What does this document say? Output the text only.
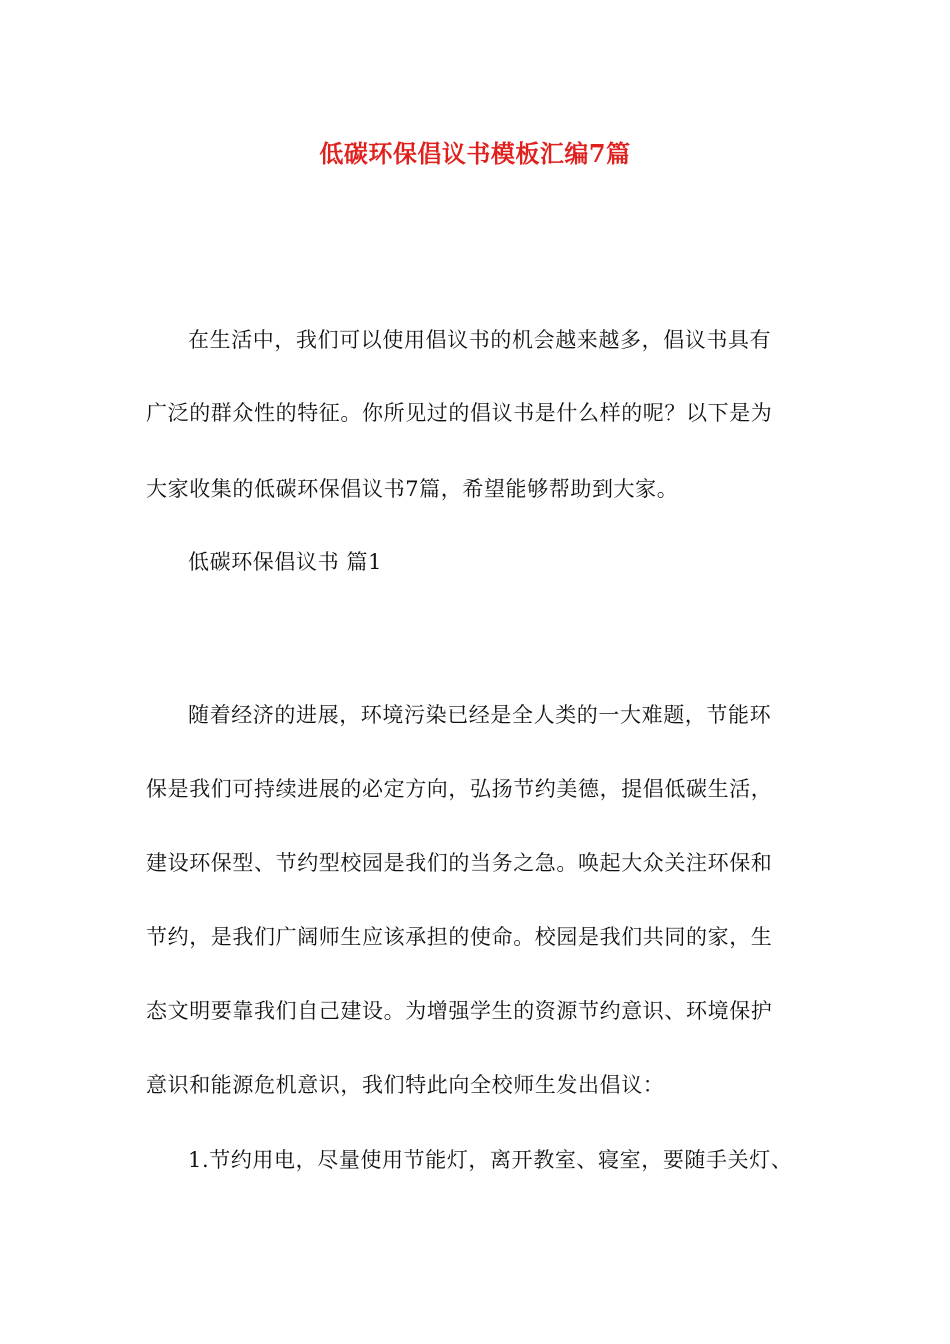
低碳环保倡议书模板汇编7篇
在生活中，我们可以使用倡议书的机会越来越多，倡议书具有
广泛的群众性的特征。你所见过的倡议书是什么样的呢？以下是为
大家收集的低碳环保倡议书7篇，希望能够帮助到大家。
低碳环保倡议书 篇1
随着经济的进展，环境污染已经是全人类的一大难题，节能环
保是我们可持续进展的必定方向，弘扬节约美德，提倡低碳生活，
建设环保型、节约型校园是我们的当务之急。唤起大众关注环保和
节约，是我们广阔师生应该承担的使命。校园是我们共同的家，生
态文明要靠我们自己建设。为增强学生的资源节约意识、环境保护
意识和能源危机意识，我们特此向全校师生发出倡议：
1.节约用电，尽量使用节能灯，离开教室、寝室，要随手关灯、
